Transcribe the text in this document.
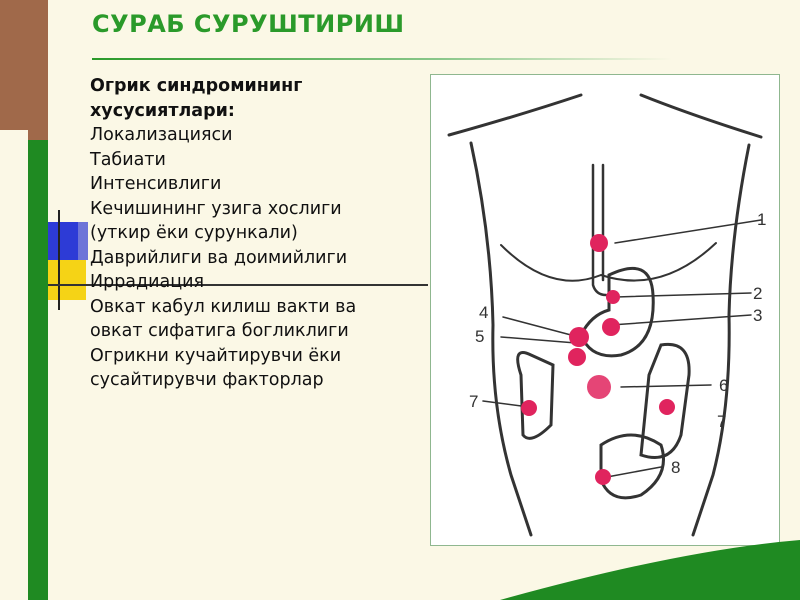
СУРАБ СУРУШТИРИШ
Огрик синдромининг хусусиятлари:
Локализацияси
Табиати
Интенсивлиги
Кечишининг узига хослиги
(уткир ёки сурункали)
Даврийлиги ва доимийлиги
Иррадиация
Овкат кабул килиш вакти ва
овкат сифатига богликлиги
Огрикни кучайтирувчи ёки
сусайтирувчи факторлар
1
2
3
4
5
6
7
7
8
